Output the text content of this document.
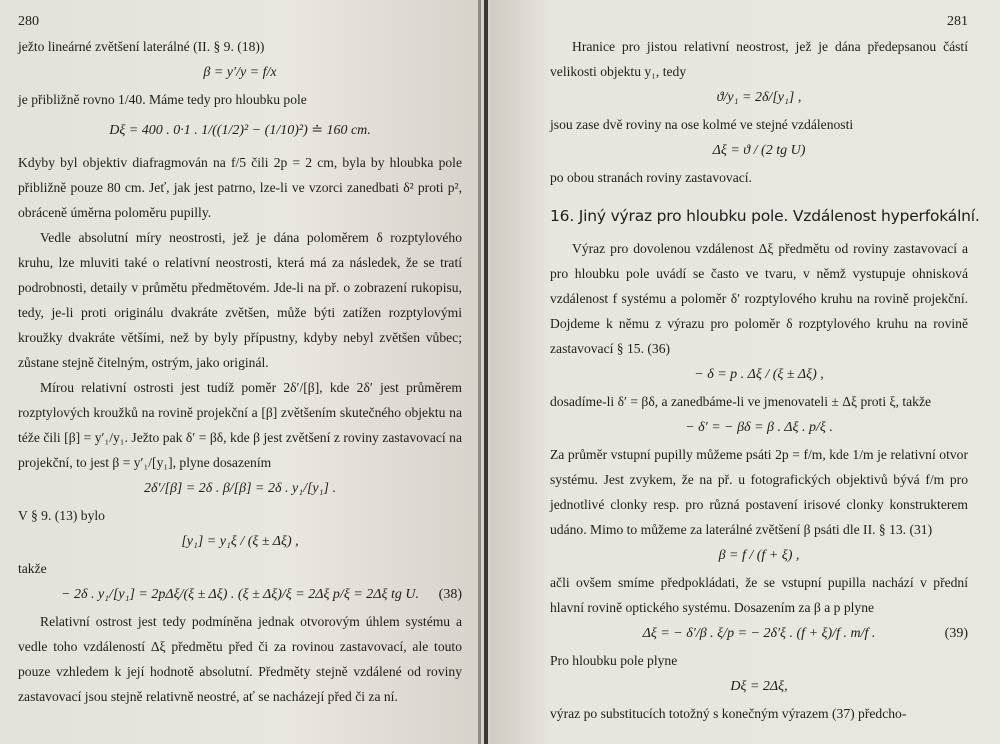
280

ježto lineárné zvětšení laterálné (II. § 9. (18))

β = y′/y = f/x

je přibližně rovno 1/40. Máme tedy pro hloubku pole

Dξ = 400 . 0·1 . 1/((1/2)² − (1/10)²) ≐ 160 cm.

Kdyby byl objektiv diafragmován na f/5 čili 2p = 2 cm, byla by hloubka pole přibližně pouze 80 cm. Jeť, jak jest patrno, lze-li ve vzorci zanedbati δ² proti p², obráceně úměrna poloměru pupilly.

Vedle absolutní míry neostrosti, jež je dána poloměrem δ rozptylového kruhu, lze mluviti také o relativní neostrosti, která má za následek, že se tratí podrobnosti, detaily v průmětu předmětovém. Jde-li na př. o zobrazení rukopisu, tedy, je-li proti originálu dvakráte zvětšen, může býti zatížen rozptylovými kroužky dvakráte většími, než by byly přípustny, kdyby nebyl zvětšen vůbec; zůstane stejně čitelným, ostrým, jako originál.

Mírou relativní ostrosti jest tudíž poměr 2δ′/[β], kde 2δ′ jest průměrem rozptylových kroužků na rovině projekční a [β] zvětšením skutečného objektu na téže čili [β] = y′₁/y₁. Ježto pak δ′ = βδ, kde β jest zvětšení z roviny zastavovací na projekční, to jest β = y′₁/[y₁], plyne dosazením

2δ′/[β] = 2δ . β/[β] = 2δ . y₁/[y₁] .

V § 9. (13) bylo

[y₁] = y₁ξ / (ξ ± Δξ) ,

takže

− 2δ . y₁/[y₁] = 2pΔξ/(ξ ± Δξ) . (ξ ± Δξ)/ξ = 2Δξ p/ξ = 2Δξ tg U. (38)

Relativní ostrost jest tedy podmíněna jednak otvorovým úhlem systému a vedle toho vzdáleností Δξ předmětu před či za rovinou zastavovací, ale touto pouze vzhledem k její hodnotě absolutní. Předměty stejně vzdálené od roviny zastavovací jsou stejně relativně neostré, ať se nacházejí před či za ní.

281

Hranice pro jistou relativní neostrost, jež je dána předepsanou částí velikosti objektu y₁, tedy

ϑ/y₁ = 2δ/[y₁] ,

jsou zase dvě roviny na ose kolmé ve stejné vzdálenosti

Δξ = ϑ / (2 tg U)

po obou stranách roviny zastavovací.

16. Jiný výraz pro hloubku pole. Vzdálenost hyperfokální.

Výraz pro dovolenou vzdálenost Δξ předmětu od roviny zastavovací a pro hloubku pole uvádí se často ve tvaru, v němž vystupuje ohnisková vzdálenost f systému a poloměr δ′ rozptylového kruhu na rovině projekční. Dojdeme k němu z výrazu pro poloměr δ rozptylového kruhu na rovině zastavovací § 15. (36)

− δ = p . Δξ / (ξ ± Δξ) ,

dosadíme-li δ′ = βδ, a zanedbáme-li ve jmenovateli ± Δξ proti ξ, takže

− δ′ = − βδ = β . Δξ . p/ξ .

Za průměr vstupní pupilly můžeme psáti 2p = f/m, kde 1/m je relativní otvor systému. Jest zvykem, že na př. u fotografických objektivů bývá f/m pro jednotlivé clonky resp. pro různá postavení irisové clonky konstrukterem udáno. Mimo to můžeme za laterálné zvětšení β psáti dle II. § 13. (31)

β = f / (f + ξ) ,

ačli ovšem smíme předpokládati, že se vstupní pupilla nachází v přední hlavní rovině optického systému. Dosazením za β a p plyne

Δξ = − δ′/β . ξ/p = − 2δ′ξ . (f + ξ)/f . m/f .	(39)

Pro hloubku pole plyne

Dξ = 2Δξ,

výraz po substitucích totožný s konečným výrazem (37) předcho-
